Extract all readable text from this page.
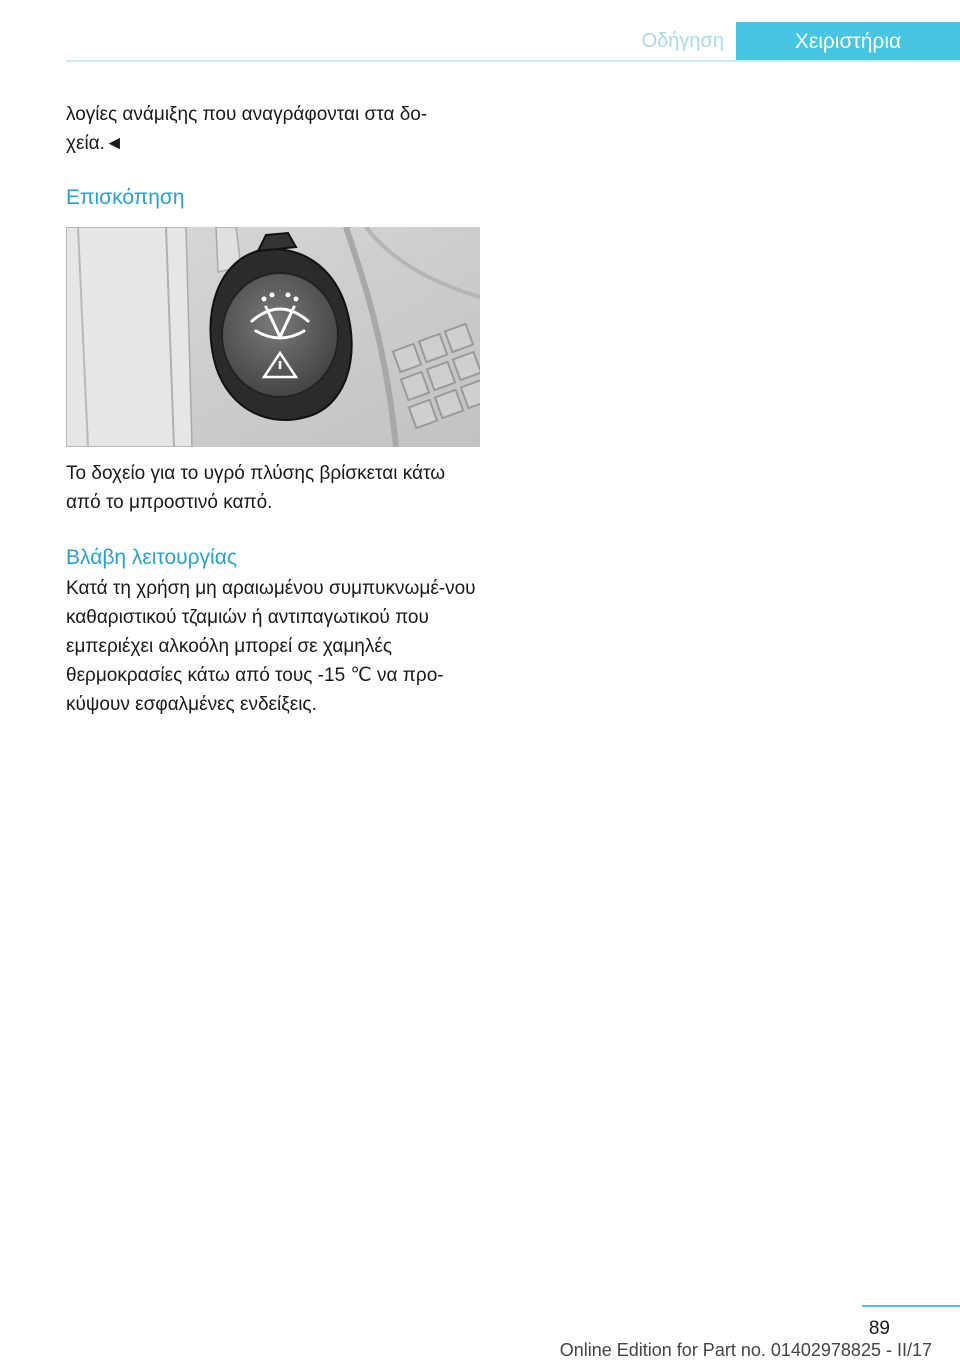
Οδήγηση	Χειριστήρια

λογίες ανάμιξης που αναγράφονται στα δο-χεία.◄

Επισκόπηση

Το δοχείο για το υγρό πλύσης βρίσκεται κάτω από το μπροστινό καπό.

Βλάβη λειτουργίας

Κατά τη χρήση μη αραιωμένου συμπυκνωμέ-νου καθαριστικού τζαμιών ή αντιπαγωτικού που εμπεριέχει αλκοόλη μπορεί σε χαμηλές θερμοκρασίες κάτω από τους -15 ℃ να προ-κύψουν εσφαλμένες ενδείξεις.

89
Online Edition for Part no. 01402978825 - II/17
